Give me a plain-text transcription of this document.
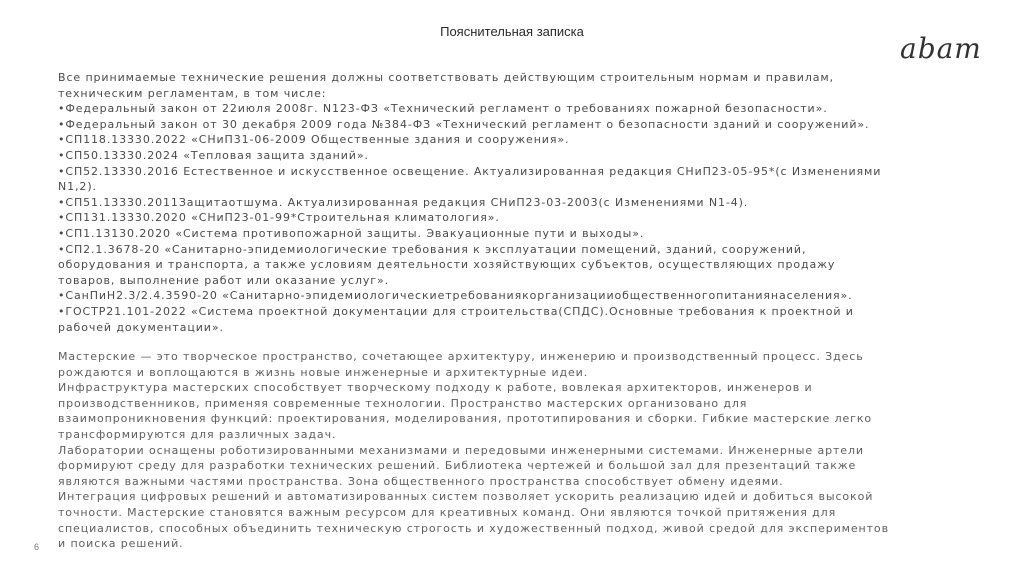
Пояснительная записка
abam
Все принимаемые технические решения должны соответствовать действующим строительным нормам и правилам,
техническим регламентам, в том числе:
•Федеральный закон от 22июля 2008г. N123-ФЗ «Технический регламент о требованиях пожарной безопасности».
•Федеральный закон от 30 декабря 2009 года №384-ФЗ «Технический регламент о безопасности зданий и сооружений».
•СП118.13330.2022 «СНиП31-06-2009 Общественные здания и сооружения».
•СП50.13330.2024 «Тепловая защита зданий».
•СП52.13330.2016 Естественное и искусственное освещение. Актуализированная редакция СНиП23-05-95*(с Изменениями
N1,2).
•СП51.13330.2011Защитаотшума. Актуализированная редакция СНиП23-03-2003(с Изменениями N1-4).
•СП131.13330.2020 «СНиП23-01-99*Строительная климатология».
•СП1.13130.2020 «Система противопожарной защиты. Эвакуационные пути и выходы».
•СП2.1.3678-20 «Санитарно-эпидемиологические требования к эксплуатации помещений, зданий, сооружений,
оборудования и транспорта, а также условиям деятельности хозяйствующих субъектов, осуществляющих продажу
товаров, выполнение работ или оказание услуг».
•СанПиН2.3/2.4.3590-20 «Санитарно-эпидемиологическиетребованиякорганизацииобщественногопитаниянаселения».
•ГОСТР21.101-2022 «Система проектной документации для строительства(СПДС).Основные требования к проектной и
рабочей документации».
Мастерские — это творческое пространство, сочетающее архитектуру, инженерию и производственный процесс. Здесь
рождаются и воплощаются в жизнь новые инженерные и архитектурные идеи.
Инфраструктура мастерских способствует творческому подходу к работе, вовлекая архитекторов, инженеров и
производственников, применяя современные технологии. Пространство мастерских организовано для
взаимопроникновения функций: проектирования, моделирования, прототипирования и сборки. Гибкие мастерские легко
трансформируются для различных задач.
Лаборатории оснащены роботизированными механизмами и передовыми инженерными системами. Инженерные артели
формируют среду для разработки технических решений. Библиотека чертежей и большой зал для презентаций также
являются важными частями пространства. Зона общественного пространства способствует обмену идеями.
Интеграция цифровых решений и автоматизированных систем позволяет ускорить реализацию идей и добиться высокой
точности. Мастерские становятся важным ресурсом для креативных команд. Они являются точкой притяжения для
специалистов, способных объединить техническую строгость и художественный подход, живой средой для экспериментов
и поиска решений.
6
